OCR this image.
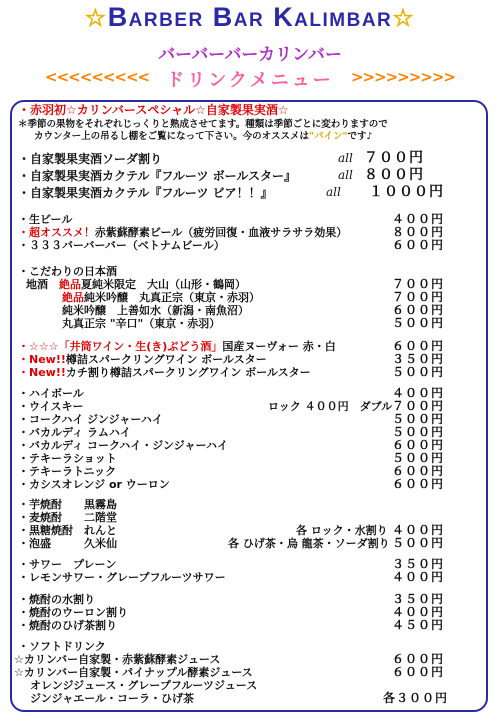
☆Barber Bar Kalimbar☆
バーバーバーカリンバー
<<<<<<<<< ドリンクメニュー	>>>>>>>>>
・赤羽初☆カリンバースペシャル☆自家製果実酒☆
＊季節の果物をそれぞれじっくりと熟成させてます。種類は季節ごとに変わりますので
カウンター上の吊るし棚をご覧になって下さい。今のオススメは"パイン"です♪
・自家製果実酒ソーダ割り	all ７００円
・自家製果実酒カクテル『フルーツ ボールスター』	all ８００円
・自家製果実酒カクテル『フルーツ ビア！！』	all １０００円
・生ビール	４００円
・超オススメ！赤紫蘇酵素ビール（疲労回復・血液サラサラ効果）	８００円
・３３３バーバーバー（ベトナムビール）	６００円
・こだわりの日本酒
地酒　 絶品夏純米限定　大山（山形・鶴岡）	７００円
絶品純米吟醸　丸真正宗（東京・赤羽）	７００円
純米吟醸　上善如水（新潟・南魚沼）	６００円
丸真正宗 "辛口"（東京・赤羽）	５００円
・☆☆☆「井筒ワイン・生(き)ぶどう酒」国産ヌーヴォー 赤・白	６００円
・New!!樽詰スパークリングワイン ボールスター	３５０円
・New!!カチ割り樽詰スパークリングワイン ボールスター	５００円
・ハイボール	４００円
・ウイスキー	ロック ４００円　ダブル ７００円
・コークハイ ジンジャーハイ	５００円
・バカルディ ラムハイ	５００円
・バカルディ コークハイ・ジンジャーハイ	６００円
・テキーラショット	５００円
・テキーラトニック	６００円
・カシスオレンジ or ウーロン	６００円
・芋焼酎　　黒霧島
・麦焼酎　　二階堂
・黒糖焼酎　れんと	各 ロック・水割り ４００円
・泡盛　　　久米仙	各 ひげ茶・烏 龍茶・ソーダ割り ５００円
・サワー　プレーン	３５０円
・レモンサワー・グレープフルーツサワー	４００円
・焼酎の水割り	３５０円
・焼酎のウーロン割り	４００円
・焼酎のひげ茶割り	４５０円
・ソフトドリンク
☆カリンバー自家製・赤紫蘇酵素ジュース	６００円
☆カリンバー自家製・パイナップル酵素ジュース	６００円
オレンジジュース・グレープフルーツジュース
ジンジャエール・コーラ・ひげ茶	各３００円
